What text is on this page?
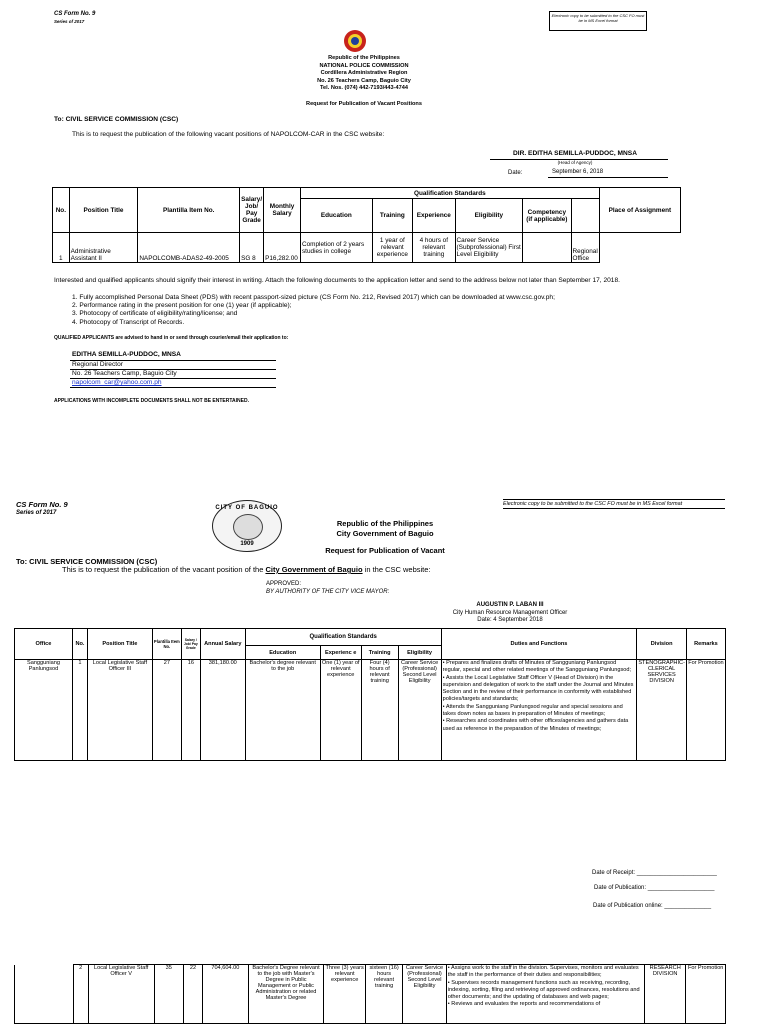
CS Form No. 9
Series of 2017
Electronic copy to be submitted to the CSC FO must be in MS Excel format
Republic of the Philippines
NATIONAL POLICE COMMISSION
Cordillera Administrative Region
No. 26 Teachers Camp, Baguio City
Tel. Nos. (074) 442-7193/443-4744
Request for Publication of Vacant Positions
To: CIVIL SERVICE COMMISSION (CSC)
This is to request the publication of the following vacant positions of NAPOLCOM-CAR in the CSC website:
DIR. EDITHA SEMILLA-PUDDOC, MNSA
(Head of Agency)
Date:	September 6, 2018
No.	Position Title	Plantilla Item No.	Salary/ Job/ Pay Grade	Monthly Salary	Qualification Standards						Place of Assignment
					Education	Training	Experience	Eligibility	Competency (if applicable)		
1	Administrative Assistant II	NAPOLCOMB-ADAS2-49-2005	SG 8	P16,282.00	Completion of 2 years studies in college	1 year of relevant experience	4 hours of relevant training	Career Service (Subprofessional) First Level Eligibility		Regional Office	
Interested and qualified applicants should signify their interest in writing. Attach the following documents to the application letter and send to the address below not later than September 17, 2018.
1. Fully accomplished Personal Data Sheet (PDS) with recent passport-sized picture (CS Form No. 212, Revised 2017) which can be downloaded at www.csc.gov.ph;
2. Performance rating in the present position for one (1) year (if applicable);
3. Photocopy of certificate of eligibility/rating/license; and
4. Photocopy of Transcript of Records.
QUALIFIED APPLICANTS are advised to hand in or send through courier/email their application to:
EDITHA SEMILLA-PUDDOC, MNSA
Regional Director
No. 26 Teachers Camp, Baguio City
napolcom_car@yahoo.com.ph
APPLICATIONS WITH INCOMPLETE DOCUMENTS SHALL NOT BE ENTERTAINED.
CS Form No. 9
Series of 2017
Electronic copy to be submitted to the CSC FO must be in MS Excel format
CITY OF BAGUIO
1909
Republic of the Philippines
City Government of Baguio
Request for Publication of Vacant
To: CIVIL SERVICE COMMISSION (CSC)
This is to request the publication of the vacant position of the City Government of Baguio in the CSC website:
APPROVED:
BY AUTHORITY OF THE CITY VICE MAYOR:
AUGUSTIN P. LABAN III
City Human Resource Management Officer
Date: 4 September 2018
Office	No.	Position Title	Plantilla Item No.	Salary / Job/ Pay Grade	Annual Salary	Qualification Standards				Duties and Functions	Division	Remarks
						Education	Experienc e	Training	Eligibility			
Sangguniang Panlungsod	1	Local Legislative Staff Officer III	27	16	381,180.00	Bachelor's degree relevant to the job	One (1) year of relevant experience	Four (4) hours of relevant training	Career Service (Professional) Second Level Eligibility	• Prepares and finalizes drafts of Minutes of Sangguniang Panlungsod regular, special and other related meetings of the Sangguniang Panlungsod;
• Assists the Local Legislative Staff Officer V (Head of Division) in the supervision and delegation of work to the staff under the Journal and Minutes Section and in the review of their performance in conformity with established policies/targets and standards;
• Attends the Sangguniang Panlungsod regular and special sessions and takes down notes as bases in preparation of Minutes of meetings;
• Researches and coordinates with other offices/agencies and gathers data used as reference in the preparation of the Minutes of meetings;	STENOGRAPHIC-CLERICAL SERVICES DIVISION	For Promotion
Date of Receipt: ________________________
Date of Publication: ____________________
Date of Publication online: ______________
	2	Local Legislative Staff Officer V	35	22	704,604.00	Bachelor's Degree relevant to the job with Master's Degree in Public Management or Public Administration or related Master's Degree	Three (3) years relevant experience	sixteen (16) hours relevant training	Career Service (Professional) Second Level Eligibility	
• Assigns work to the staff in the division. Supervises, monitors and evaluates the staff in the performance of their duties and responsibilities;
• Supervises records management functions such as receiving, recording, indexing, sorting, filing and retrieving of approved ordinances, resolutions and other documents; and the updating of databases and web pages;
• Reviews and evaluates the reports and recommendations of
	RESEARCH DIVISION	For Promotion
